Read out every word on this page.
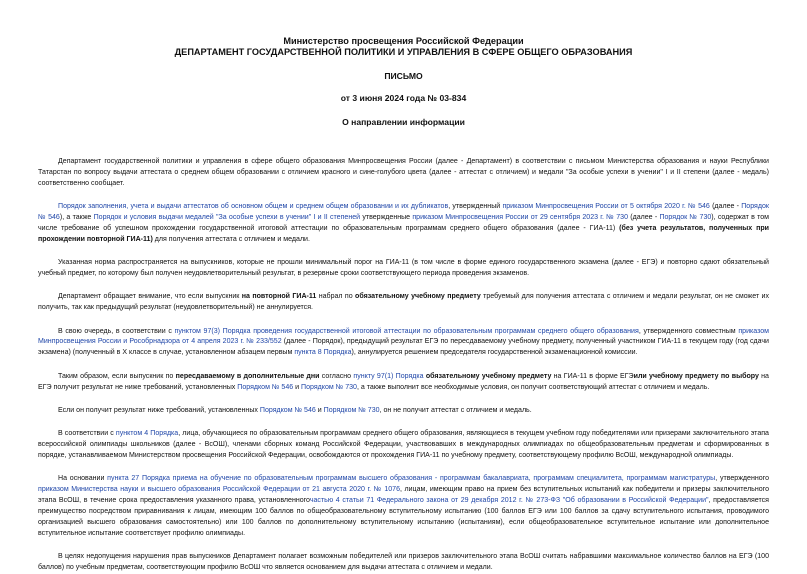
Министерство просвещения Российской Федерации
ДЕПАРТАМЕНТ ГОСУДАРСТВЕННОЙ ПОЛИТИКИ И УПРАВЛЕНИЯ В СФЕРЕ ОБЩЕГО ОБРАЗОВАНИЯ
ПИСЬМО
от 3 июня 2024 года № 03-834
О направлении информации

Департамент государственной политики и управления в сфере общего образования Минпросвещения России (далее - Департамент) в соответствии с письмом Министерства образования и науки Республики Татарстан по вопросу выдачи аттестата о среднем общем образовании с отличием красного и сине-голубого цвета (далее - аттестат с отличием) и медали "За особые успехи в учении" I и II степени (далее - медаль) соответственно сообщает.

Порядок заполнения, учета и выдачи аттестатов об основном общем и среднем общем образовании и их дубликатов, утвержденный приказом Минпросвещения России от 5 октября 2020 г. № 546 (далее - Порядок № 546), а также Порядок и условия выдачи медалей "За особые успехи в учении" I и II степеней утвержденные приказом Минпросвещения России от 29 сентября 2023 г. № 730 (далее - Порядок № 730), содержат в том числе требование об успешном прохождении государственной итоговой аттестации по образовательным программам среднего общего образования (далее - ГИА-11) (без учета результатов, полученных при прохождении повторной ГИА-11) для получения аттестата с отличием и медали.

Указанная норма распространяется на выпускников, которые не прошли минимальный порог на ГИА-11 (в том числе в форме единого государственного экзамена (далее - ЕГЭ) и повторно сдают обязательный учебный предмет, по которому был получен неудовлетворительный результат, в резервные сроки соответствующего периода проведения экзаменов.

Департамент обращает внимание, что если выпускник на повторной ГИА-11 набрал по обязательному учебному предмету требуемый для получения аттестата с отличием и медали результат, он не сможет их получить, так как предыдущий результат (неудовлетворительный) не аннулируется.

В свою очередь, в соответствии с пунктом 97(3) Порядка проведения государственной итоговой аттестации по образовательным программам среднего общего образования, утвержденного совместным приказом Минпросвещения России и Рособрнадзора от 4 апреля 2023 г. № 233/552 (далее - Порядок), предыдущий результат ЕГЭ по пересдаваемому учебному предмету, полученный участником ГИА-11 в текущем году (год сдачи экзамена) (полученный в X классе в случае, установленном абзацем первым пункта 8 Порядка), аннулируется решением председателя государственной экзаменационной комиссии.

Таким образом, если выпускник по пересдаваемому в дополнительные дни согласно пункту 97(1) Порядка обязательному учебному предмету на ГИА-11 в форме ЕГЭили учебному предмету по выбору на ЕГЭ получит результат не ниже требований, установленных Порядком № 546 и Порядком № 730, а также выполнит все необходимые условия, он получит соответствующий аттестат с отличием и медаль.

Если он получит результат ниже требований, установленных Порядком № 546 и Порядком № 730, он не получит аттестат с отличием и медаль.

В соответствии с пунктом 4 Порядка, лица, обучающиеся по образовательным программам среднего общего образования, являющиеся в текущем учебном году победителями или призерами заключительного этапа всероссийской олимпиады школьников (далее - ВсОШ), членами сборных команд Российской Федерации, участвовавших в международных олимпиадах по общеобразовательным предметам и сформированных в порядке, устанавливаемом Министерством просвещения Российской Федерации, освобождаются от прохождения ГИА-11 по учебному предмету, соответствующему профилю ВсОШ, международной олимпиады.

На основании пункта 27 Порядка приема на обучение по образовательным программам высшего образования - программам бакалавриата, программам специалитета, программам магистратуры, утвержденного приказом Министерства науки и высшего образования Российской Федерации от 21 августа 2020 г. № 1076, лицам, имеющим право на прием без вступительных испытаний как победители и призеры заключительного этапа ВсОШ, в течение срока предоставления указанного права, установленногочастью 4 статьи 71 Федерального закона от 29 декабря 2012 г. № 273-ФЗ "Об образовании в Российской Федерации", предоставляется преимущество посредством приравнивания к лицам, имеющим 100 баллов по общеобразовательному вступительному испытанию (100 баллов ЕГЭ или 100 баллов за сдачу вступительного испытания, проводимого организацией высшего образования самостоятельно) или 100 баллов по дополнительному вступительному испытанию (испытаниям), если общеобразовательное вступительное испытание или дополнительное вступительное испытание соответствует профилю олимпиады.

В целях недопущения нарушения прав выпускников Департамент полагает возможным победителей или призеров заключительного этапа ВсОШ считать набравшими максимальное количество баллов на ЕГЭ (100 баллов) по учебным предметам, соответствующим профилю ВсОШ что является основанием для выдачи аттестата с отличием и медали.
